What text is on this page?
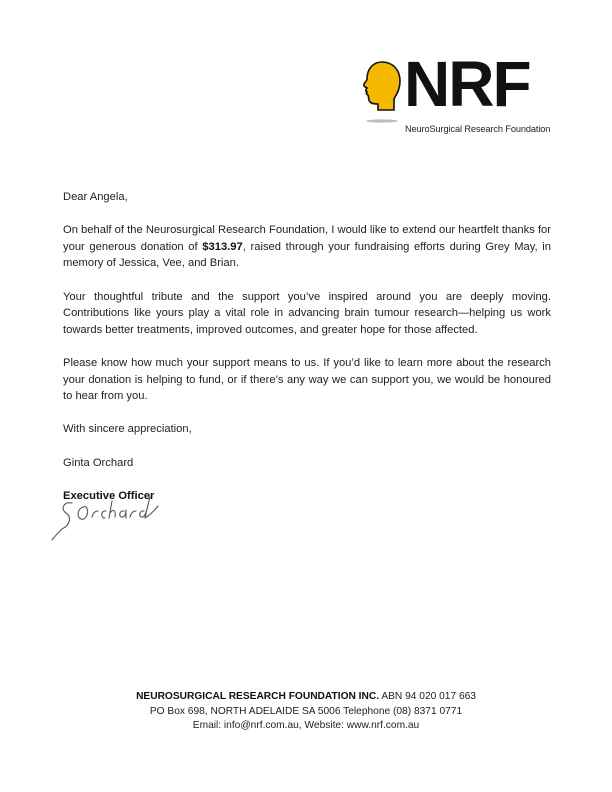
NRF
NeuroSurgical Research Foundation

Dear Angela,

On behalf of the Neurosurgical Research Foundation, I would like to extend our heartfelt thanks for your generous donation of $313.97, raised through your fundraising efforts during Grey May, in memory of Jessica, Vee, and Brian.

Your thoughtful tribute and the support you’ve inspired around you are deeply moving. Contributions like yours play a vital role in advancing brain tumour research—helping us work towards better treatments, improved outcomes, and greater hope for those affected.

Please know how much your support means to us. If you’d like to learn more about the research your donation is helping to fund, or if there’s any way we can support you, we would be honoured to hear from you.

With sincere appreciation,

Ginta Orchard

Executive Officer

NEUROSURGICAL RESEARCH FOUNDATION INC. ABN 94 020 017 663
PO Box 698, NORTH ADELAIDE SA 5006 Telephone (08) 8371 0771
Email: info@nrf.com.au, Website: www.nrf.com.au
